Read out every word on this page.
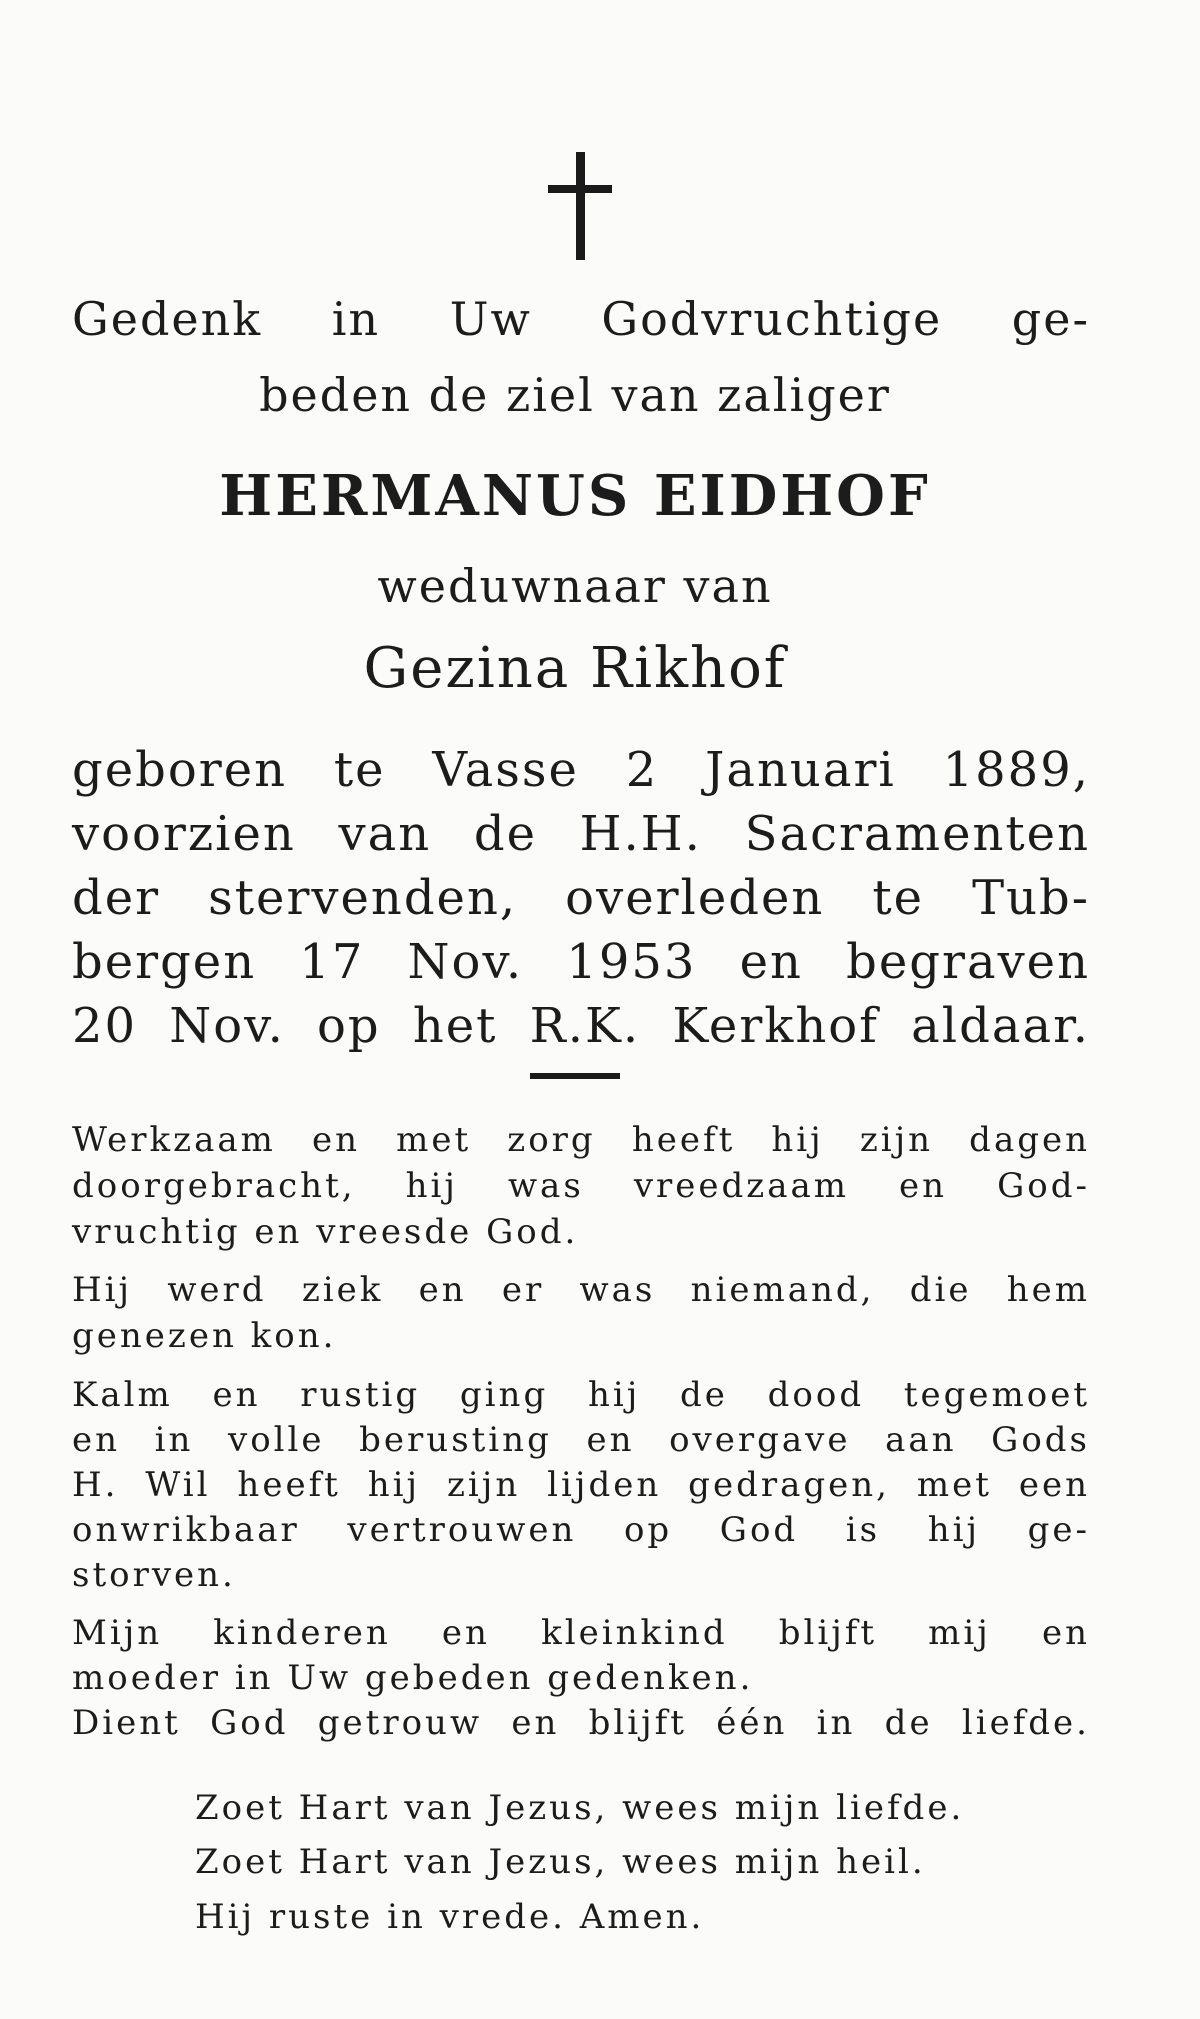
Gedenk in Uw Godvruchtige ge-
beden de ziel van zaliger
HERMANUS EIDHOF
weduwnaar van
Gezina Rikhof
geboren te Vasse 2 Januari 1889,
voorzien van de H.H. Sacramenten
der stervenden, overleden te Tub-
bergen 17 Nov. 1953 en begraven
20 Nov. op het R.K. Kerkhof aldaar.
Werkzaam en met zorg heeft hij zijn dagen
doorgebracht, hij was vreedzaam en God-
vruchtig en vreesde God.
Hij werd ziek en er was niemand, die hem
genezen kon.
Kalm en rustig ging hij de dood tegemoet
en in volle berusting en overgave aan Gods
H. Wil heeft hij zijn lijden gedragen, met een
onwrikbaar vertrouwen op God is hij ge-
storven.
Mijn kinderen en kleinkind blijft mij en
moeder in Uw gebeden gedenken.
Dient God getrouw en blijft één in de liefde.
Zoet Hart van Jezus, wees mijn liefde.
Zoet Hart van Jezus, wees mijn heil.
Hij ruste in vrede. Amen.
